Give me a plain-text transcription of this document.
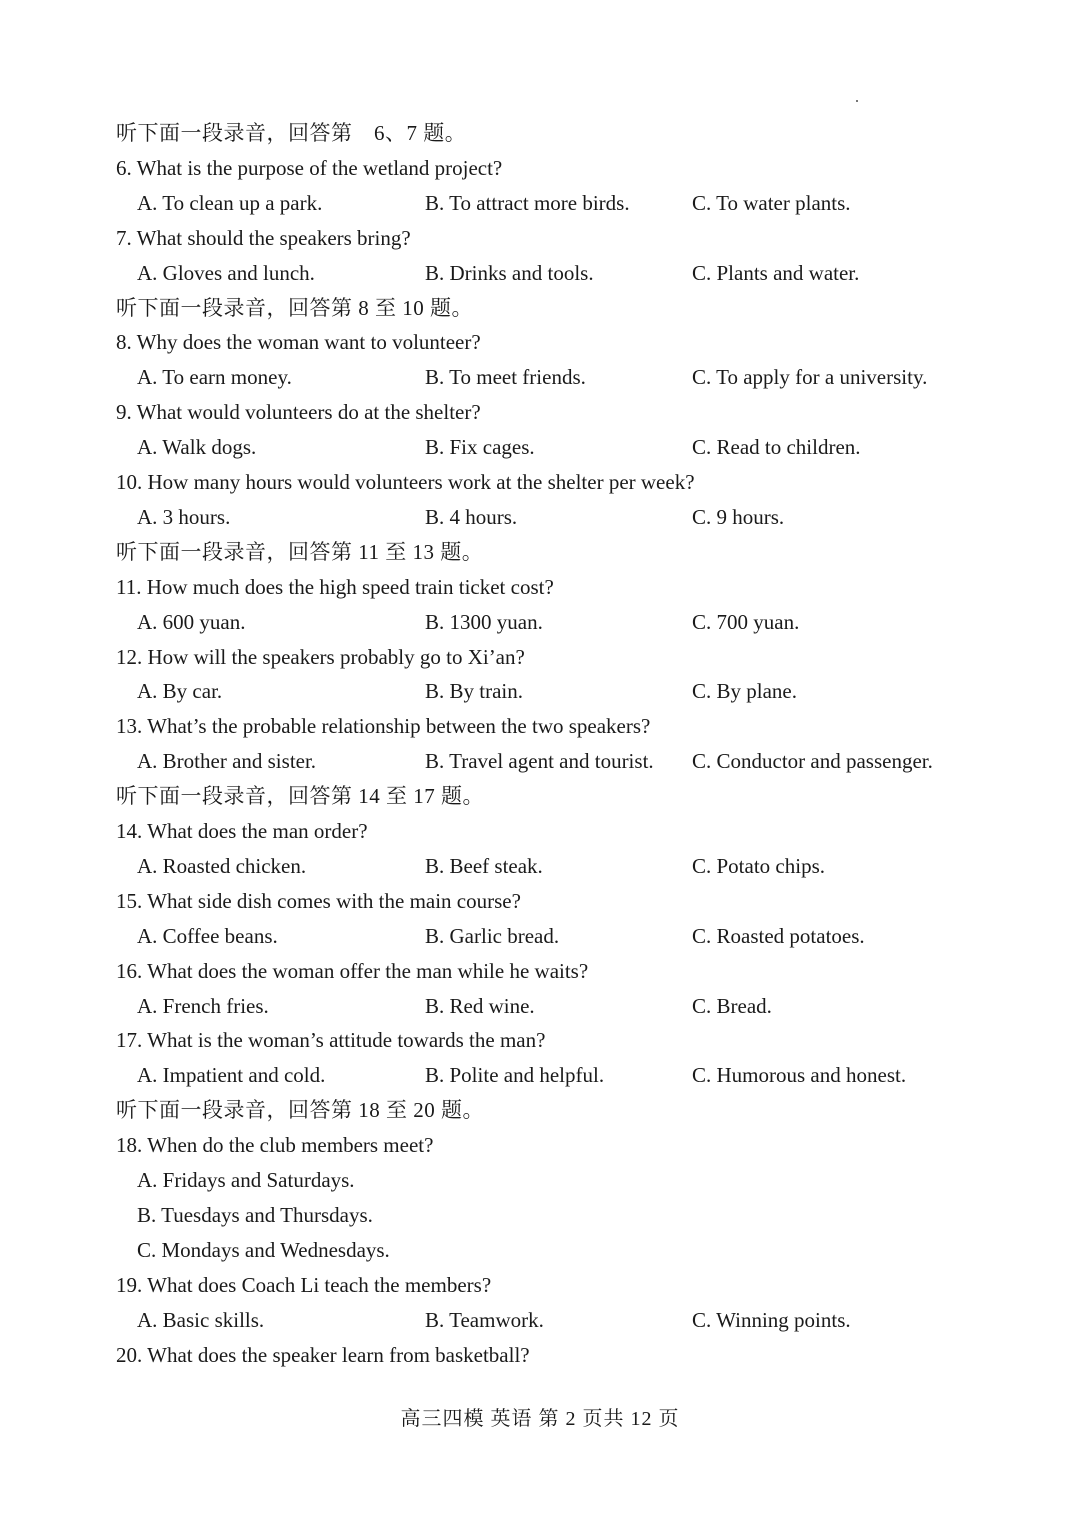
听下面一段录音，回答第　6、7 题。
6. What is the purpose of the wetland project?
A. To clean up a park.	B. To attract more birds.	C. To water plants.
7. What should the speakers bring?
A. Gloves and lunch.	B. Drinks and tools.	C. Plants and water.
听下面一段录音，回答第 8 至 10 题。
8. Why does the woman want to volunteer?
A. To earn money.	B. To meet friends.	C. To apply for a university.
9. What would volunteers do at the shelter?
A. Walk dogs.	B. Fix cages.	C. Read to children.
10. How many hours would volunteers work at the shelter per week?
A. 3 hours.	B. 4 hours.	C. 9 hours.
听下面一段录音，回答第 11 至 13 题。
11. How much does the high speed train ticket cost?
A. 600 yuan.	B. 1300 yuan.	C. 700 yuan.
12. How will the speakers probably go to Xi’an?
A. By car.	B. By train.	C. By plane.
13. What’s the probable relationship between the two speakers?
A. Brother and sister.	B. Travel agent and tourist. C. Conductor and passenger.
听下面一段录音，回答第 14 至 17 题。
14. What does the man order?
A. Roasted chicken.	B. Beef steak.	C. Potato chips.
15. What side dish comes with the main course?
A. Coffee beans.	B. Garlic bread.	C. Roasted potatoes.
16. What does the woman offer the man while he waits?
A. French fries.	B. Red wine.	C. Bread.
17. What is the woman’s attitude towards the man?
A. Impatient and cold.	B. Polite and helpful.	C. Humorous and honest.
听下面一段录音，回答第 18 至 20 题。
18. When do the club members meet?
A. Fridays and Saturdays.
B. Tuesdays and Thursdays.
C. Mondays and Wednesdays.
19. What does Coach Li teach the members?
A. Basic skills.	B. Teamwork.	C. Winning points.
20. What does the speaker learn from basketball?
高三四模 英语 第 2 页共 12 页
